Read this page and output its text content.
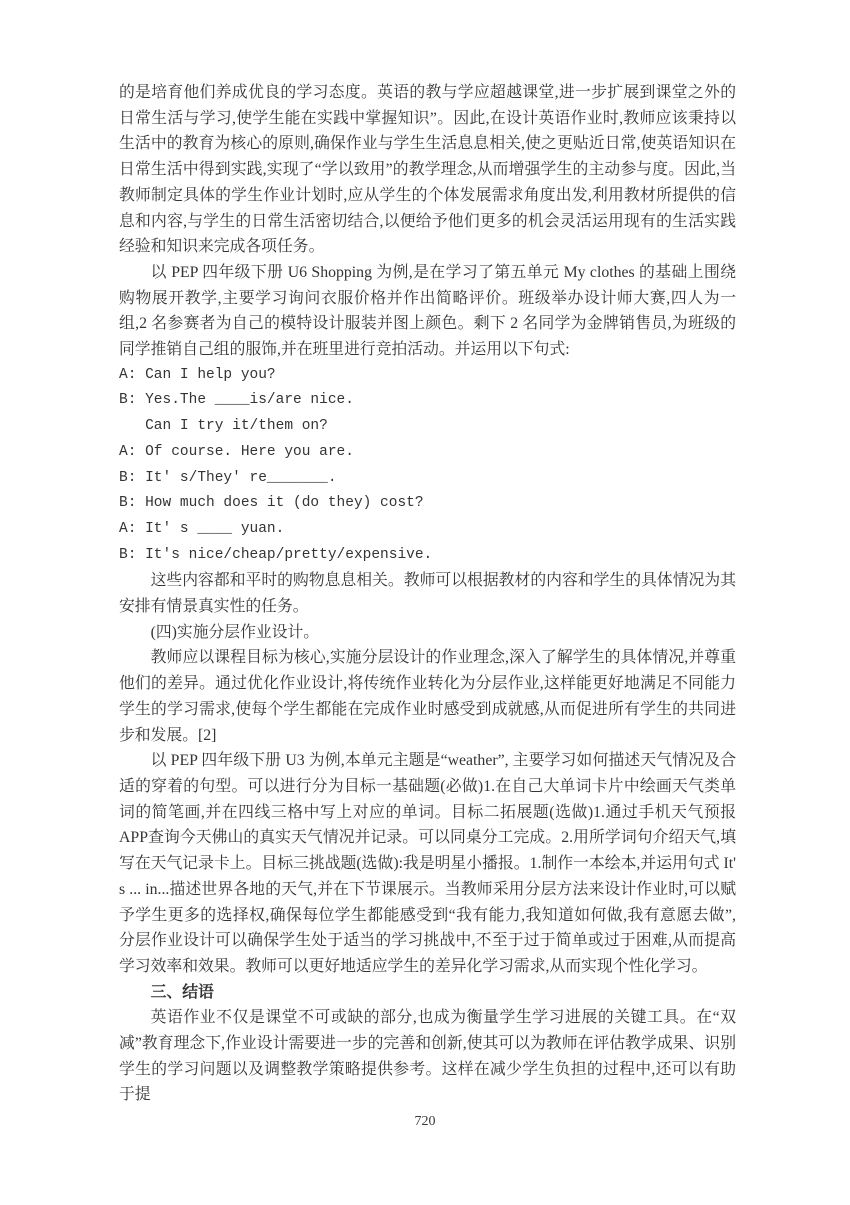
的是培育他们养成优良的学习态度。英语的教与学应超越课堂,进一步扩展到课堂之外的日常生活与学习,使学生能在实践中掌握知识”。因此,在设计英语作业时,教师应该秉持以生活中的教育为核心的原则,确保作业与学生生活息息相关,使之更贴近日常,使英语知识在日常生活中得到实践,实现了“学以致用”的教学理念,从而增强学生的主动参与度。因此,当教师制定具体的学生作业计划时,应从学生的个体发展需求角度出发,利用教材所提供的信息和内容,与学生的日常生活密切结合,以便给予他们更多的机会灵活运用现有的生活实践经验和知识来完成各项任务。

以 PEP 四年级下册 U6 Shopping 为例,是在学习了第五单元 My clothes 的基础上围绕购物展开教学,主要学习询问衣服价格并作出简略评价。班级举办设计师大赛,四人为一组,2 名参赛者为自己的模特设计服装并图上颜色。剩下 2 名同学为金牌销售员,为班级的同学推销自己组的服饰,并在班里进行竞拍活动。并运用以下句式:

A: Can I help you?
B: Yes.The ____is/are nice.
Can I try it/them on?
A: Of course. Here you are.
B: It' s/They' re_______.
B: How much does it (do they) cost?
A: It' s ____ yuan.
B: It's nice/cheap/pretty/expensive.

这些内容都和平时的购物息息相关。教师可以根据教材的内容和学生的具体情况为其安排有情景真实性的任务。

(四)实施分层作业设计。

教师应以课程目标为核心,实施分层设计的作业理念,深入了解学生的具体情况,并尊重他们的差异。通过优化作业设计,将传统作业转化为分层作业,这样能更好地满足不同能力学生的学习需求,使每个学生都能在完成作业时感受到成就感,从而促进所有学生的共同进步和发展。[2]

以 PEP 四年级下册 U3 为例,本单元主题是“weather”, 主要学习如何描述天气情况及合适的穿着的句型。可以进行分为目标一基础题(必做)1.在自己大单词卡片中绘画天气类单词的简笔画,并在四线三格中写上对应的单词。目标二拓展题(选做)1.通过手机天气预报 APP查询今天佛山的真实天气情况并记录。可以同桌分工完成。2.用所学词句介绍天气,填写在天气记录卡上。目标三挑战题(选做):我是明星小播报。1.制作一本绘本,并运用句式 It' s ... in...描述世界各地的天气,并在下节课展示。当教师采用分层方法来设计作业时,可以赋予学生更多的选择权,确保每位学生都能感受到“我有能力,我知道如何做,我有意愿去做”, 分层作业设计可以确保学生处于适当的学习挑战中,不至于过于简单或过于困难,从而提高学习效率和效果。教师可以更好地适应学生的差异化学习需求,从而实现个性化学习。

三、结语

英语作业不仅是课堂不可或缺的部分,也成为衡量学生学习进展的关键工具。在“双减”教育理念下,作业设计需要进一步的完善和创新,使其可以为教师在评估教学成果、识别学生的学习问题以及调整教学策略提供参考。这样在减少学生负担的过程中,还可以有助于提

720
